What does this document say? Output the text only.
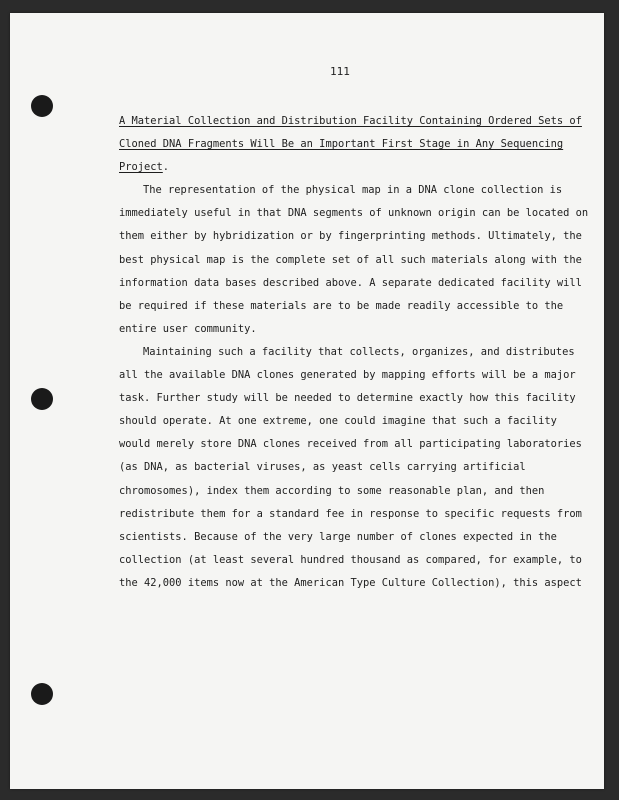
111
A Material Collection and Distribution Facility Containing Ordered Sets of
Cloned DNA Fragments Will Be an Important First Stage in Any Sequencing
Project.
The representation of the physical map in a DNA clone collection is
immediately useful in that DNA segments of unknown origin can be located on
them either by hybridization or by fingerprinting methods. Ultimately, the
best physical map is the complete set of all such materials along with the
information data bases described above. A separate dedicated facility will
be required if these materials are to be made readily accessible to the
entire user community.
Maintaining such a facility that collects, organizes, and distributes
all the available DNA clones generated by mapping efforts will be a major
task. Further study will be needed to determine exactly how this facility
should operate. At one extreme, one could imagine that such a facility
would merely store DNA clones received from all participating laboratories
(as DNA, as bacterial viruses, as yeast cells carrying artificial
chromosomes), index them according to some reasonable plan, and then
redistribute them for a standard fee in response to specific requests from
scientists. Because of the very large number of clones expected in the
collection (at least several hundred thousand as compared, for example, to
the 42,000 items now at the American Type Culture Collection), this aspect
